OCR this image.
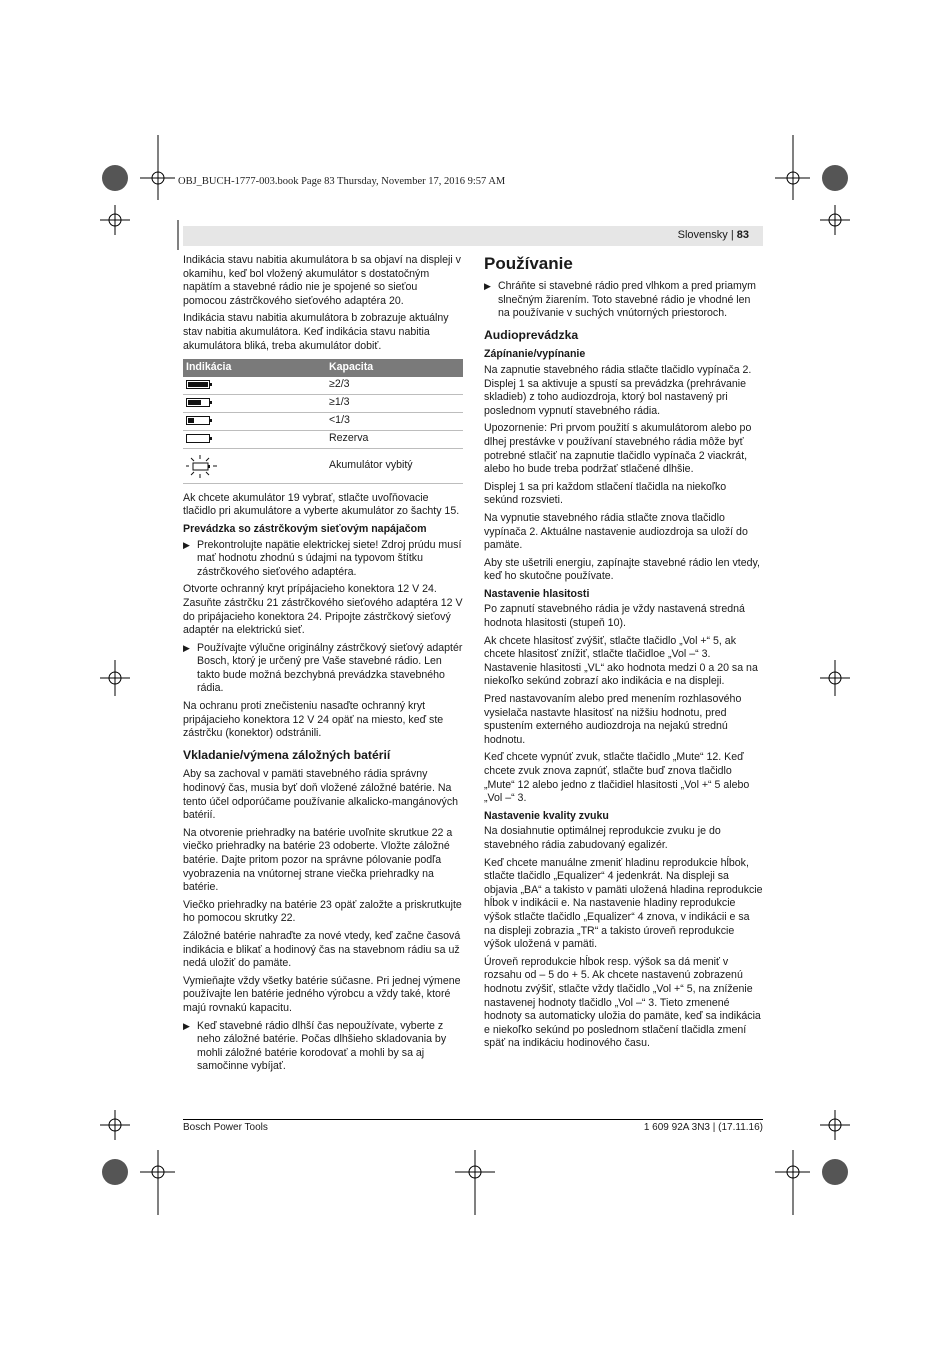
OBJ_BUCH-1777-003.book Page 83 Thursday, November 17, 2016 9:57 AM
Slovensky | 83

Indikácia stavu nabitia akumulátora b sa objaví na displeji v okamihu, keď bol vložený akumulátor s dostatočným napätím a stavebné rádio nie je spojené so sieťou pomocou zástrčkového sieťového adaptéra 20.

Indikácia stavu nabitia akumulátora b zobrazuje aktuálny stav nabitia akumulátora. Keď indikácia stavu nabitia akumulátora bliká, treba akumulátor dobiť.

Indikácia	Kapacita

	≥2/3

	≥1/3

	<1/3
	Rezerva
	Akumulátor vybitý

Ak chcete akumulátor 19 vybrať, stlačte uvoľňovacie tlačidlo pri akumulátore a vyberte akumulátor zo šachty 15.

Prevádzka so zástrčkovým sieťovým napájačom
▶ Prekontrolujte napätie elektrickej siete! Zdroj prúdu musí mať hodnotu zhodnú s údajmi na typovom štítku zástrčkového sieťového adaptéra.

Otvorte ochranný kryt prípájacieho konektora 12 V 24. Zasuňte zástrčku 21 zástrčkového sieťového adaptéra 12 V do pripájacieho konektora 24. Pripojte zástrčkový sieťový adaptér na elektrickú sieť.

▶ Používajte výlučne originálny zástrčkový sieťový adaptér Bosch, ktorý je určený pre Vaše stavebné rádio. Len takto bude možná bezchybná prevádzka stavebného rádia.

Na ochranu proti znečisteniu nasaďte ochranný kryt pripájacieho konektora 12 V 24 opäť na miesto, keď ste zástrčku (konektor) odstránili.

Vkladanie/výmena záložných batérií

Aby sa zachoval v pamäti stavebného rádia správny hodinový čas, musia byť doň vložené záložné batérie. Na tento účel odporúčame používanie alkalicko-mangánových batérií.

Na otvorenie priehradky na batérie uvoľnite skrutkue 22 a viečko priehradky na batérie 23 odoberte. Vložte záložné batérie. Dajte pritom pozor na správne pólovanie podľa vyobrazenia na vnútornej strane viečka priehradky na batérie.

Viečko priehradky na batérie 23 opäť založte a priskrutkujte ho pomocou skrutky 22.

Záložné batérie nahraďte za nové vtedy, keď začne časová indikácia e blikať a hodinový čas na stavebnom rádiu sa už nedá uložiť do pamäte.

Vymieňajte vždy všetky batérie súčasne. Pri jednej výmene používajte len batérie jedného výrobcu a vždy také, ktoré majú rovnakú kapacitu.

▶ Keď stavebné rádio dlhší čas nepoužívate, vyberte z neho záložné batérie. Počas dlhšieho skladovania by mohli záložné batérie korodovať a mohli by sa aj samočinne vybíjať.
Používanie
▶ Chráňte si stavebné rádio pred vlhkom a pred priamym slnečným žiarením. Toto stavebné rádio je vhodné len na používanie v suchých vnútorných priestoroch.
Audioprevádzka
Zápínanie/vypínanie

Na zapnutie stavebného rádia stlačte tlačidlo vypínača 2. Displej 1 sa aktivuje a spustí sa prevádzka (prehrávanie skladieb) z toho audiozdroja, ktorý bol nastavený pri poslednom vypnutí stavebného rádia.

Upozornenie: Pri prvom použití s akumulátorom alebo po dlhej prestávke v používaní stavebného rádia môže byť potrebné stlačiť na zapnutie tlačidlo vypínača 2 viackrát, alebo ho bude treba podržať stlačené dlhšie.

Displej 1 sa pri každom stlačení tlačidla na niekoľko sekúnd rozsvieti.

Na vypnutie stavebného rádia stlačte znova tlačidlo vypínača 2. Aktuálne nastavenie audiozdroja sa uloží do pamäte.

Aby ste ušetrili energiu, zapínajte stavebné rádio len vtedy, keď ho skutočne používate.

Nastavenie hlasitosti

Po zapnutí stavebného rádia je vždy nastavená stredná hodnota hlasitosti (stupeň 10).

Ak chcete hlasitosť zvýšiť, stlačte tlačidlo „Vol +“ 5, ak chcete hlasitosť znížiť, stlačte tlačidloe „Vol –“ 3. Nastavenie hlasitosti „VL“ ako hodnota medzi 0 a 20 sa na niekoľko sekúnd zobrazí ako indikácia e na displeji.

Pred nastavovaním alebo pred menením rozhlasového vysielača nastavte hlasitosť na nižšiu hodnotu, pred spustením externého audiozdroja na nejakú strednú hodnotu.

Keď chcete vypnúť zvuk, stlačte tlačidlo „Mute“ 12. Keď chcete zvuk znova zapnúť, stlačte buď znova tlačidlo „Mute“ 12 alebo jedno z tlačidiel hlasitosti „Vol +“ 5 alebo „Vol –“ 3.

Nastavenie kvality zvuku

Na dosiahnutie optimálnej reprodukcie zvuku je do stavebného rádia zabudovaný egalizér.

Keď chcete manuálne zmeniť hladinu reprodukcie hĺbok, stlačte tlačidlo „Equalizer“ 4 jedenkrát. Na displeji sa objavia „BA“ a takisto v pamäti uložená hladina reprodukcie hĺbok v indikácii e. Na nastavenie hladiny reprodukcie výšok stlačte tlačidlo „Equalizer“ 4 znova, v indikácii e sa na displeji zobrazia „TR“ a takisto úroveň reprodukcie výšok uložená v pamäti.

Úroveň reprodukcie hĺbok resp. výšok sa dá meniť v rozsahu od – 5 do + 5. Ak chcete nastavenú zobrazenú hodnotu zvýšiť, stlačte vždy tlačidlo „Vol +“ 5, na zníženie nastavenej hodnoty tlačidlo „Vol –“ 3. Tieto zmenené hodnoty sa automaticky uložia do pamäte, keď sa indikácia e niekoľko sekúnd po poslednom stlačení tlačidla zmení späť na indikáciu hodinového času.

Bosch Power Tools	1 609 92A 3N3 | (17.11.16)
